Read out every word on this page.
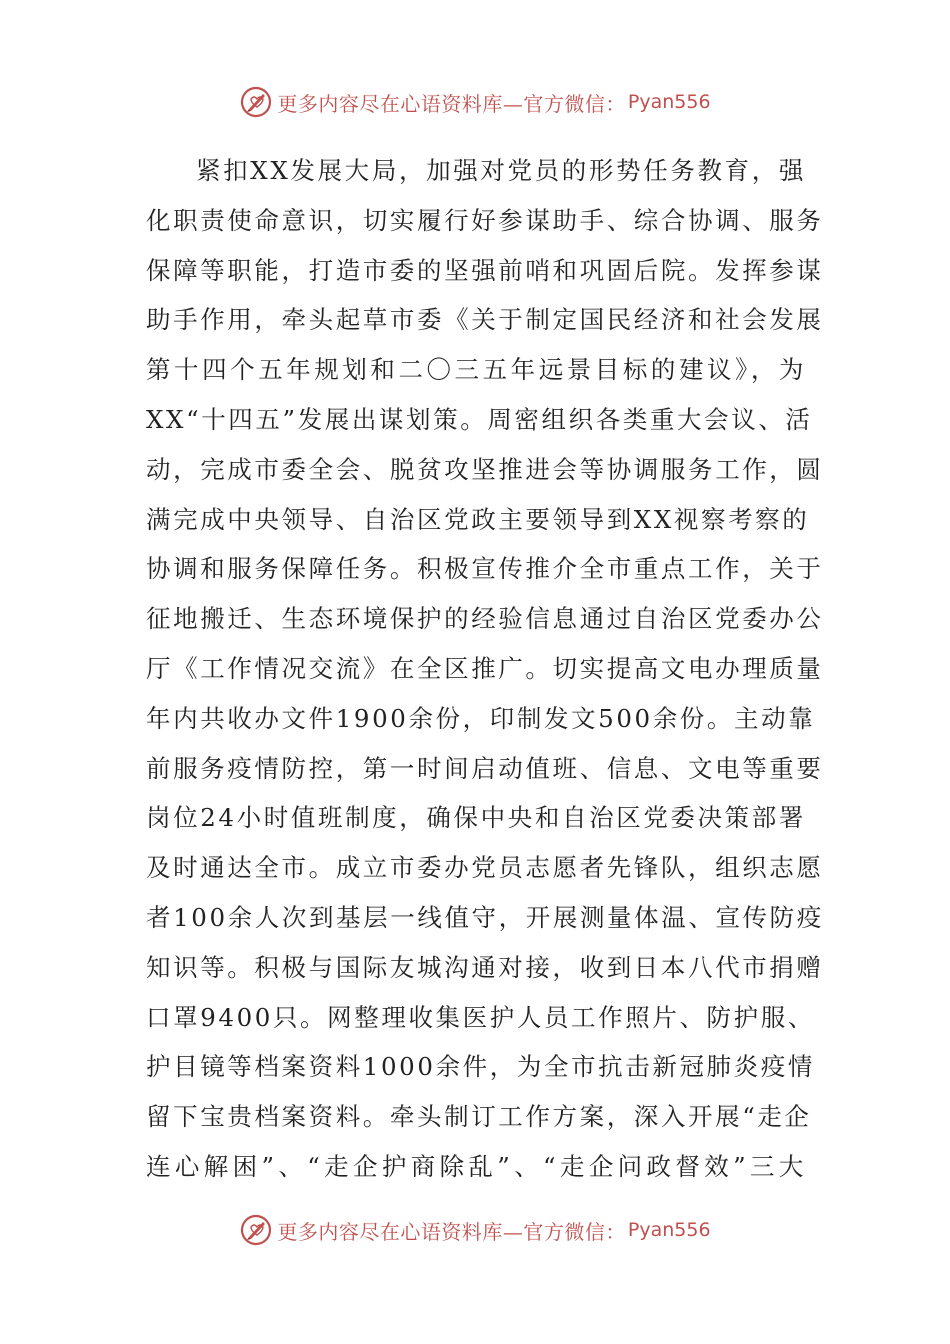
更多内容尽在心语资料库—官方微信： Pyan556
紧扣XX发展大局，加强对党员的形势任务教育，强
化职责使命意识，切实履行好参谋助手、综合协调、服务
保障等职能，打造市委的坚强前哨和巩固后院。发挥参谋
助手作用，牵头起草市委《关于制定国民经济和社会发展
第十四个五年规划和二〇三五年远景目标的建议》，为
XX“十四五”发展出谋划策。周密组织各类重大会议、活
动，完成市委全会、脱贫攻坚推进会等协调服务工作，圆
满完成中央领导、自治区党政主要领导到XX视察考察的
协调和服务保障任务。积极宣传推介全市重点工作，关于
征地搬迁、生态环境保护的经验信息通过自治区党委办公
厅《工作情况交流》在全区推广。切实提高文电办理质量
年内共收办文件1900余份，印制发文500余份。主动靠
前服务疫情防控，第一时间启动值班、信息、文电等重要
岗位24小时值班制度，确保中央和自治区党委决策部署
及时通达全市。成立市委办党员志愿者先锋队，组织志愿
者100余人次到基层一线值守，开展测量体温、宣传防疫
知识等。积极与国际友城沟通对接，收到日本八代市捐赠
口罩9400只。网整理收集医护人员工作照片、防护服、
护目镜等档案资料1000余件，为全市抗击新冠肺炎疫情
留下宝贵档案资料。牵头制订工作方案，深入开展“走企
连心解困”、“走企护商除乱”、“走企问政督效”三大
更多内容尽在心语资料库—官方微信： Pyan556
